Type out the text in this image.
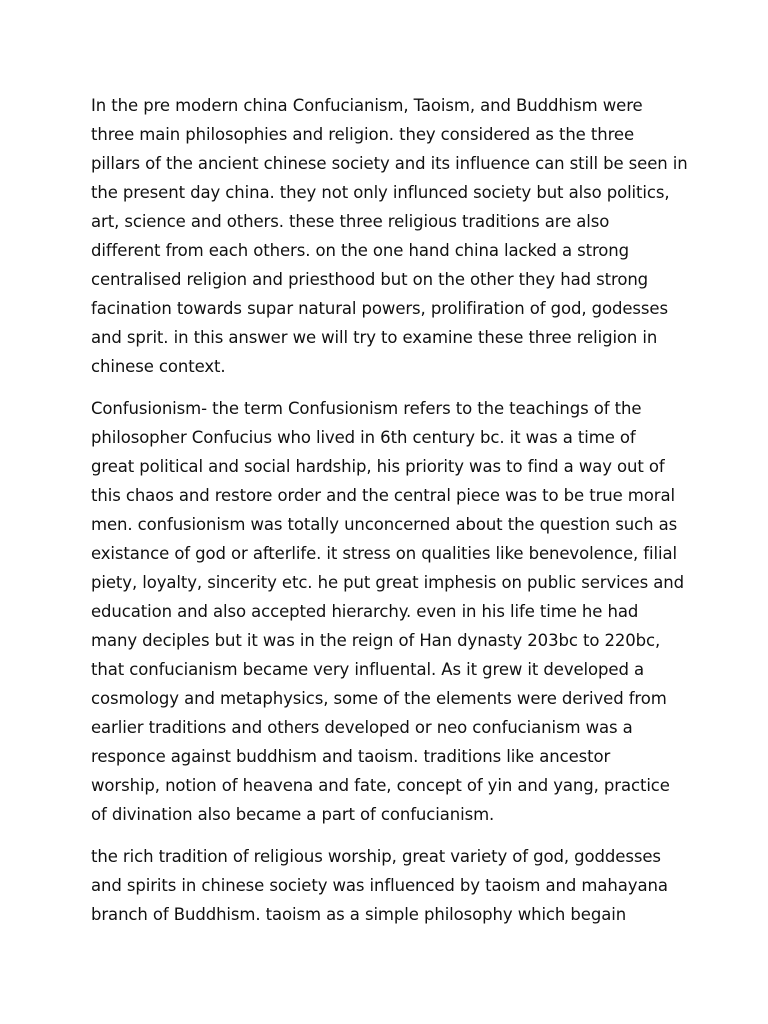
In the pre modern china Confucianism, Taoism, and Buddhism were
three main philosophies and religion. they considered as the three
pillars of the ancient chinese society and its influence can still be seen in
the present day china. they not only influnced society but also politics,
art, science and others. these three religious traditions are also
different from each others. on the one hand china lacked a strong
centralised religion and priesthood but on the other they had strong
facination towards supar natural powers, prolifiration of god, godesses
and sprit. in this answer we will try to examine these three religion in
chinese context.

Confusionism- the term Confusionism refers to the teachings of the
philosopher Confucius who lived in 6th century bc. it was a time of
great political and social hardship, his priority was to find a way out of
this chaos and restore order and the central piece was to be true moral
men. confusionism was totally unconcerned about the question such as
existance of god or afterlife. it stress on qualities like benevolence, filial
piety, loyalty, sincerity etc. he put great imphesis on public services and
education and also accepted hierarchy. even in his life time he had
many deciples but it was in the reign of Han dynasty 203bc to 220bc,
that confucianism became very influental. As it grew it developed a
cosmology and metaphysics, some of the elements were derived from
earlier traditions and others developed or neo confucianism was a
responce against buddhism and taoism. traditions like ancestor
worship, notion of heavena and fate, concept of yin and yang, practice
of divination also became a part of confucianism.

the rich tradition of religious worship, great variety of god, goddesses
and spirits in chinese society was influenced by taoism and mahayana
branch of Buddhism. taoism as a simple philosophy which begain
